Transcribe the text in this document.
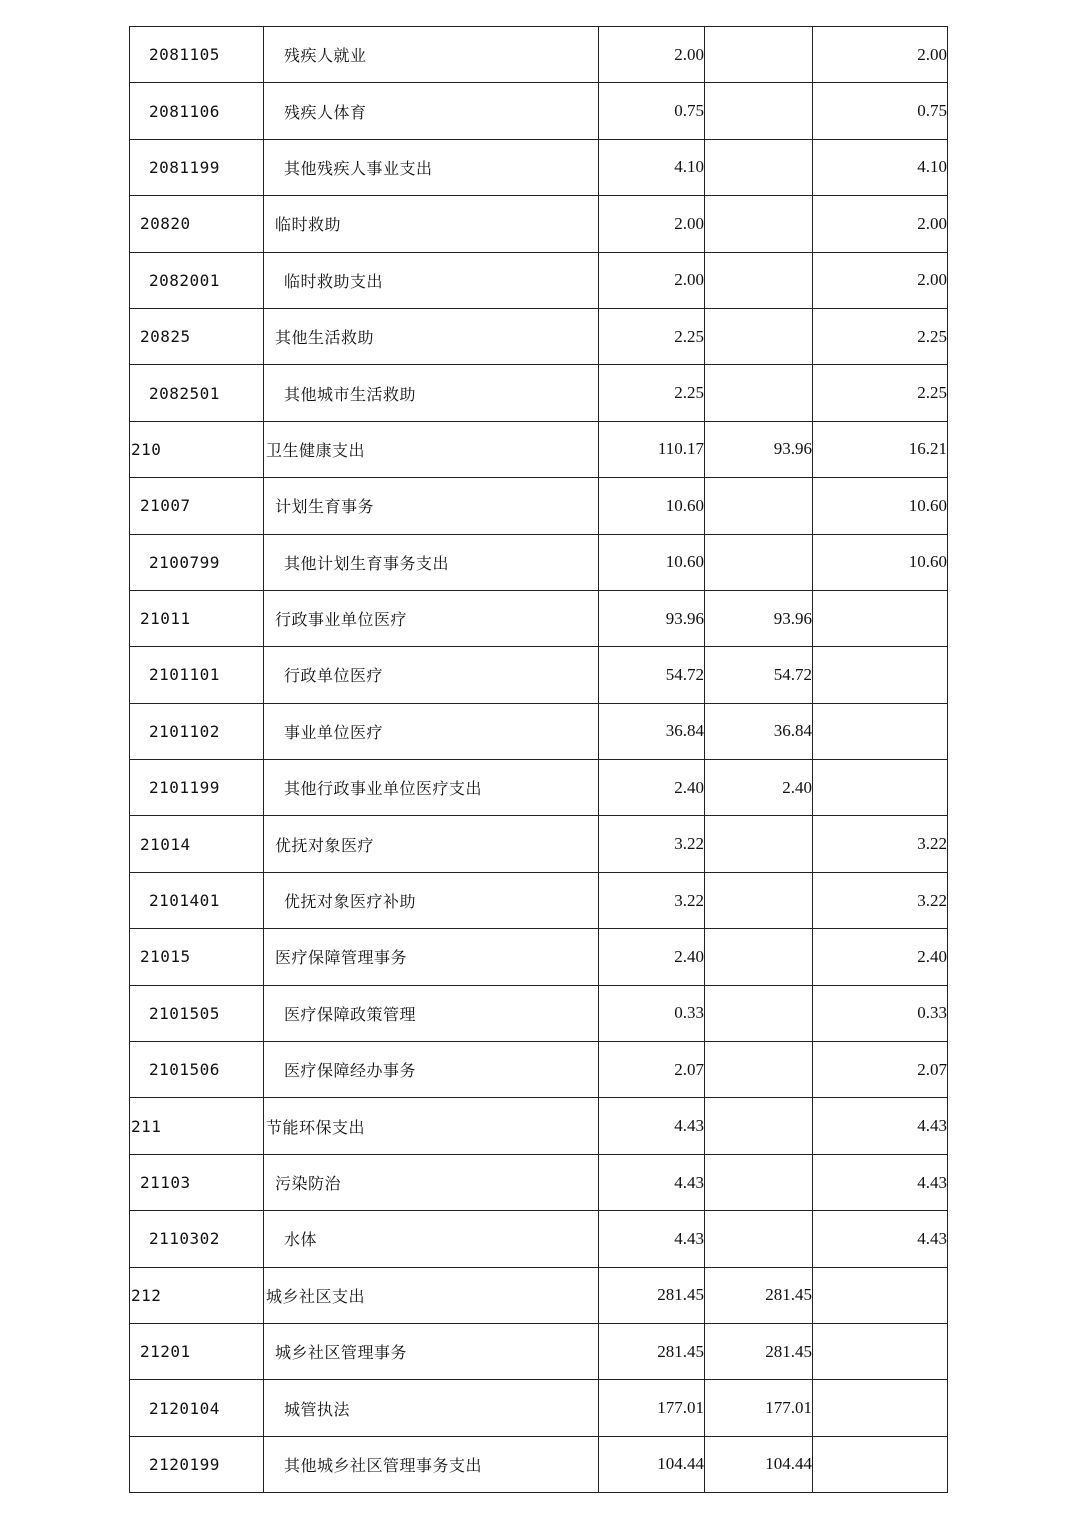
2081105	残疾人就业	2.00		2.00
2081106	残疾人体育	0.75		0.75
2081199	其他残疾人事业支出	4.10		4.10
20820	临时救助	2.00		2.00
2082001	临时救助支出	2.00		2.00
20825	其他生活救助	2.25		2.25
2082501	其他城市生活救助	2.25		2.25
210	卫生健康支出	110.17	93.96	16.21
21007	计划生育事务	10.60		10.60
2100799	其他计划生育事务支出	10.60		10.60
21011	行政事业单位医疗	93.96	93.96	
2101101	行政单位医疗	54.72	54.72	
2101102	事业单位医疗	36.84	36.84	
2101199	其他行政事业单位医疗支出	2.40	2.40	
21014	优抚对象医疗	3.22		3.22
2101401	优抚对象医疗补助	3.22		3.22
21015	医疗保障管理事务	2.40		2.40
2101505	医疗保障政策管理	0.33		0.33
2101506	医疗保障经办事务	2.07		2.07
211	节能环保支出	4.43		4.43
21103	污染防治	4.43		4.43
2110302	水体	4.43		4.43
212	城乡社区支出	281.45	281.45	
21201	城乡社区管理事务	281.45	281.45	
2120104	城管执法	177.01	177.01	
2120199	其他城乡社区管理事务支出	104.44	104.44	
